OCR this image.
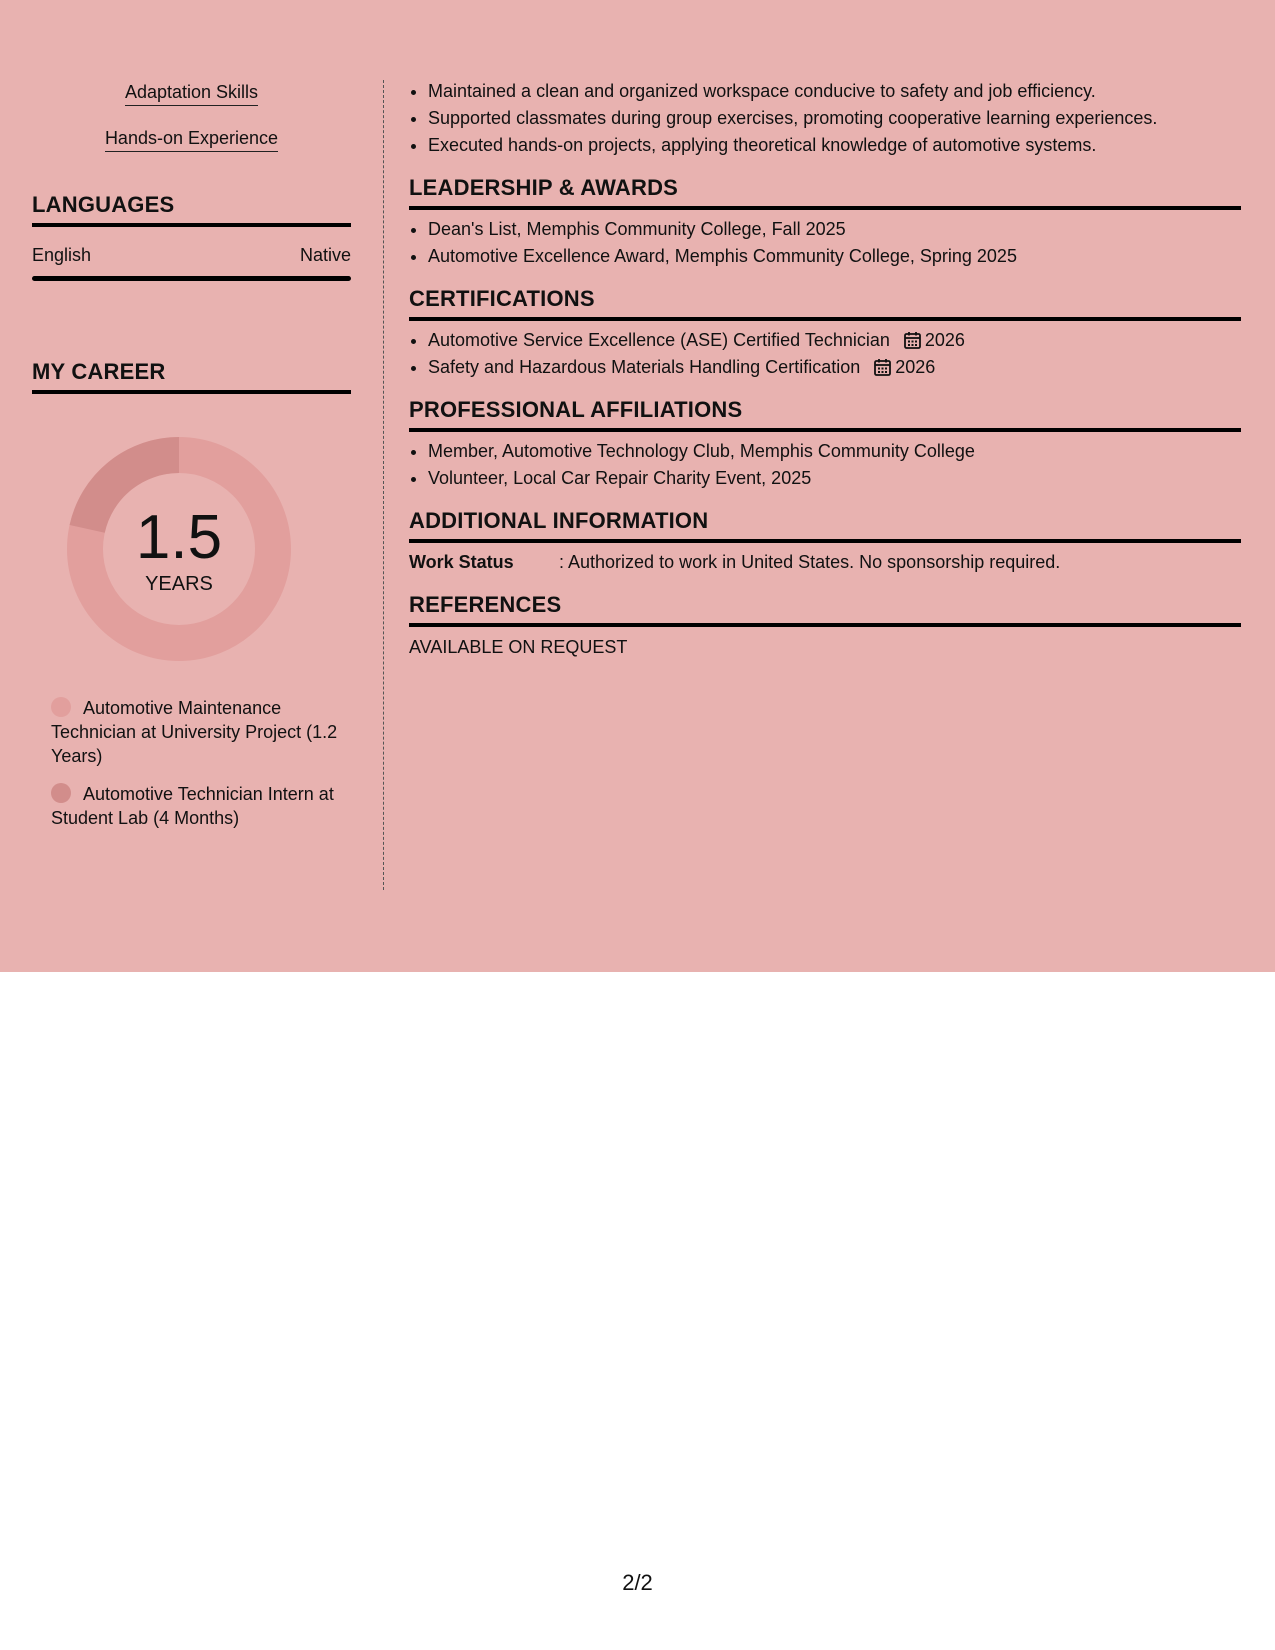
Adaptation Skills
Hands-on Experience
LANGUAGES
English	Native
MY CAREER
1.5
YEARS
Automotive Maintenance Technician at University Project (1.2 Years)
Automotive Technician Intern at Student Lab (4 Months)
• Maintained a clean and organized workspace conducive to safety and job efficiency.
• Supported classmates during group exercises, promoting cooperative learning experiences.
• Executed hands-on projects, applying theoretical knowledge of automotive systems.
LEADERSHIP & AWARDS
• Dean's List, Memphis Community College, Fall 2025
• Automotive Excellence Award, Memphis Community College, Spring 2025
CERTIFICATIONS
• Automotive Service Excellence (ASE) Certified Technician 2026
• Safety and Hazardous Materials Handling Certification 2026
PROFESSIONAL AFFILIATIONS
• Member, Automotive Technology Club, Memphis Community College
• Volunteer, Local Car Repair Charity Event, 2025
ADDITIONAL INFORMATION
Work Status	: Authorized to work in United States. No sponsorship required.
REFERENCES
AVAILABLE ON REQUEST
2/2
